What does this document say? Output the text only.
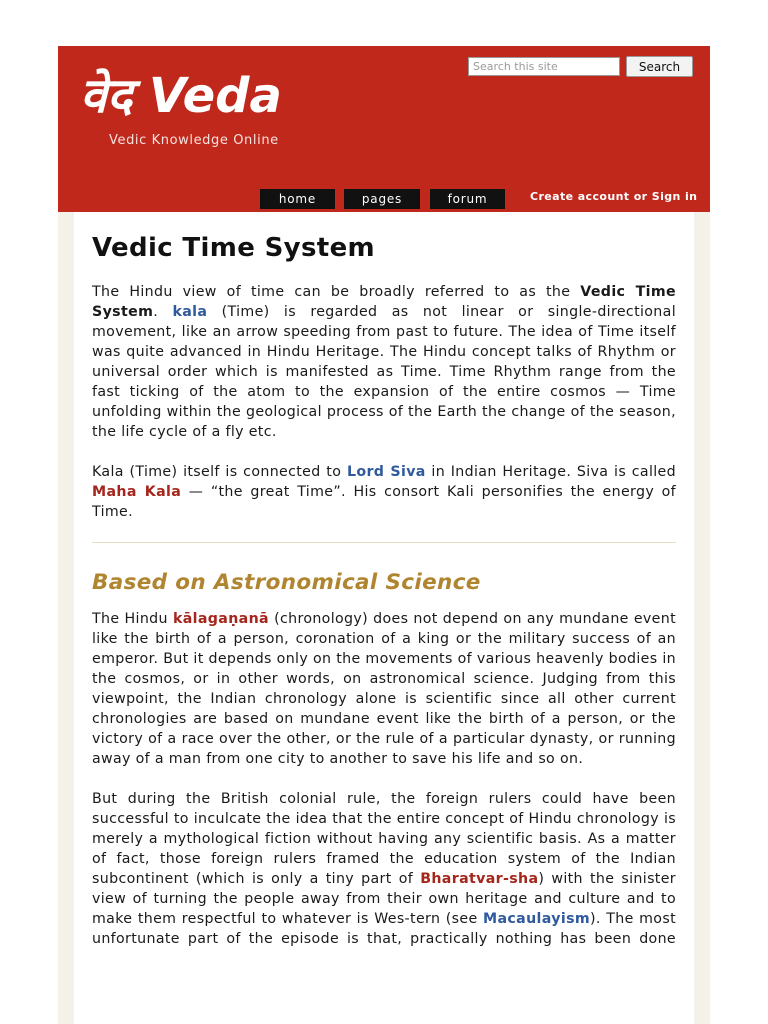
वेद Veda
Vedic Knowledge Online
Search this site
Search
home	pages	forum	Create account or Sign in
Vedic Time System

The Hindu view of time can be broadly referred to as the Vedic Time System. kala (Time) is regarded as not linear or single-directional movement, like an arrow speeding from past to future. The idea of Time itself was quite advanced in Hindu Heritage. The Hindu concept talks of Rhythm or universal order which is manifested as Time. Time Rhythm range from the fast ticking of the atom to the expansion of the entire cosmos — Time unfolding within the geological process of the Earth the change of the season, the life cycle of a fly etc.

Kala (Time) itself is connected to Lord Siva in Indian Heritage. Siva is called Maha Kala — “the great Time”. His consort Kali personifies the energy of Time.

Based on Astronomical Science

The Hindu kālagaṇanā (chronology) does not depend on any mundane event like the birth of a person, coronation of a king or the military success of an emperor. But it depends only on the movements of various heavenly bodies in the cosmos, or in other words, on astronomical science. Judging from this viewpoint, the Indian chronology alone is scientific since all other current chronologies are based on mundane event like the birth of a person, or the victory of a race over the other, or the rule of a particular dynasty, or running away of a man from one city to another to save his life and so on.

But during the British colonial rule, the foreign rulers could have been successful to inculcate the idea that the entire concept of Hindu chronology is merely a mythological fiction without having any scientific basis. As a matter of fact, those foreign rulers framed the education system of the Indian subcontinent (which is only a tiny part of Bharatvar-sha) with the sinister view of turning the people away from their own heritage and culture and to make them respectful to whatever is Wes-tern (see Macaulayism). The most unfortunate part of the episode is that, practically nothing has been done
